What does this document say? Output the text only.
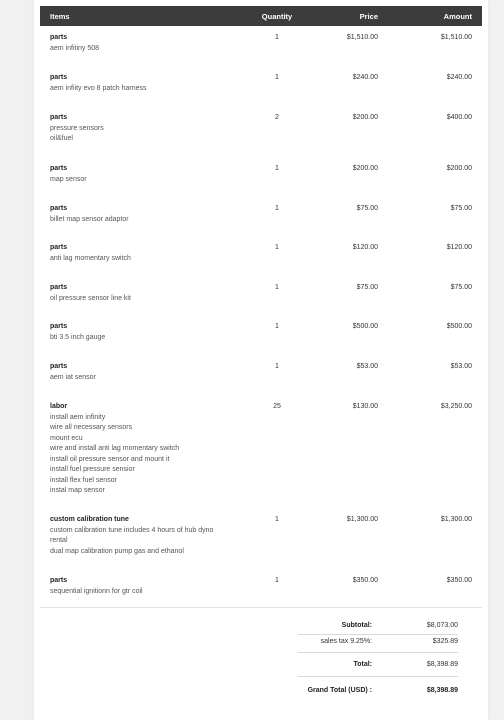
Items	Quantity	Price	Amount
parts
aem infitiny 508
1	$1,510.00	$1,510.00
parts
aem infiity evo 8 patch harness
1	$240.00	$240.00
parts
pressure sensors
oil&fuel
2	$200.00	$400.00
parts
map sensor
1	$200.00	$200.00
parts
billet map sensor adaptor
1	$75.00	$75.00
parts
anti lag momentary switch
1	$120.00	$120.00
parts
oil pressure sensor line kit
1	$75.00	$75.00
parts
bti 3.5 inch gauge
1	$500.00	$500.00
parts
aem iat sensor
1	$53.00	$53.00
labor
install aem infinity
wire all necessary sensors
mount ecu
wire and install anti lag momentary switch
install oil pressure sensor and mount it
install fuel pressure sensior
install flex fuel sensor
instal map sensor
25	$130.00	$3,250.00
custom calibration tune
custom calibration tune includes 4 hours of hub dyno
rental
dual map calibration pump gas and ethanol
1	$1,300.00	$1,300.00
parts
sequential ignitionn for gtr coil
1	$350.00	$350.00
Subtotal:	$8,073.00
sales tax 9.25%:	$325.89
Total:	$8,398.89
Grand Total (USD) :	$8,398.89
